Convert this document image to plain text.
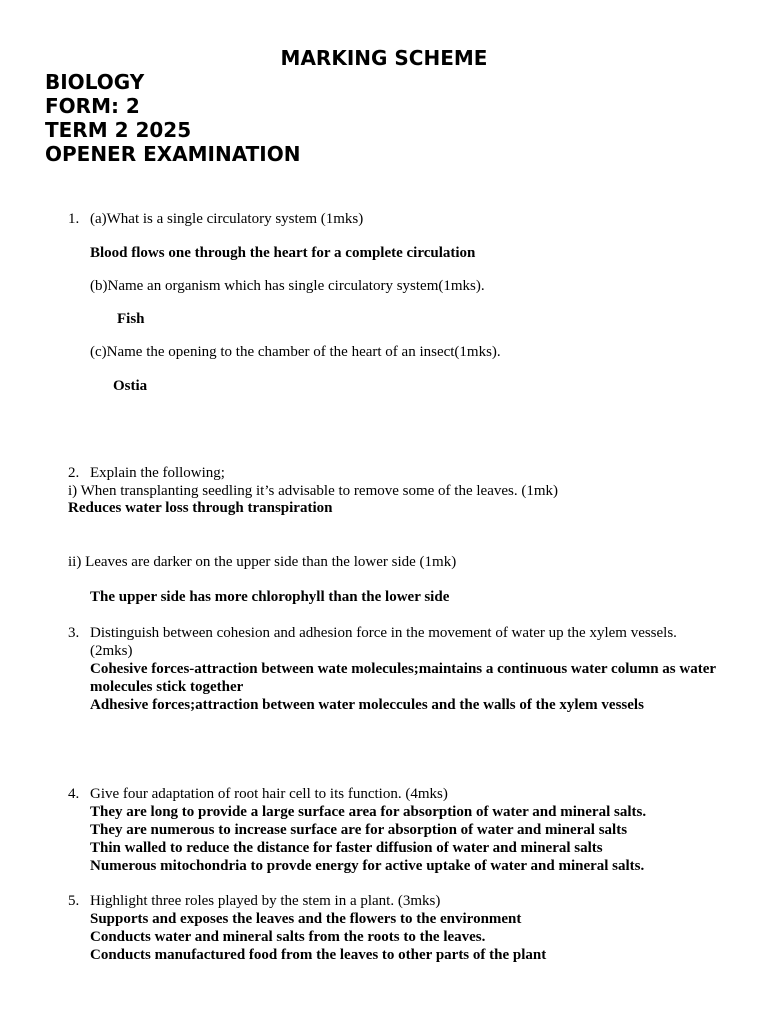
MARKING SCHEME
BIOLOGY
FORM: 2
TERM 2 2025
OPENER EXAMINATION
1. (a)What is a single circulatory system (1mks)
Blood flows one through the heart for a complete circulation
(b)Name an organism which has single circulatory system(1mks).
Fish
(c)Name the opening to the chamber of the heart of an insect(1mks).
Ostia
2. Explain the following;
i) When transplanting seedling it’s advisable to remove some of the leaves. (1mk)
Reduces water loss through transpiration
ii) Leaves are darker on the upper side than the lower side (1mk)
The upper side has more chlorophyll than the lower side
3. Distinguish between cohesion and adhesion force in the movement of water up the xylem vessels.
(2mks)
Cohesive forces-attraction between wate molecules;maintains a continuous water column as water
molecules stick together
Adhesive forces;attraction between water moleccules and the walls of the xylem vessels
4. Give four adaptation of root hair cell to its function. (4mks)
They are long to provide a large surface area for absorption of water and mineral salts.
They are numerous to increase surface are for absorption of water and mineral salts
Thin walled to reduce the distance for faster diffusion of water and mineral salts
Numerous mitochondria to provde energy for active uptake of water and mineral salts.
5. Highlight three roles played by the stem in a plant. (3mks)
Supports and exposes the leaves and the flowers to the environment
Conducts water and mineral salts from the roots to the leaves.
Conducts manufactured food from the leaves to other parts of the plant
